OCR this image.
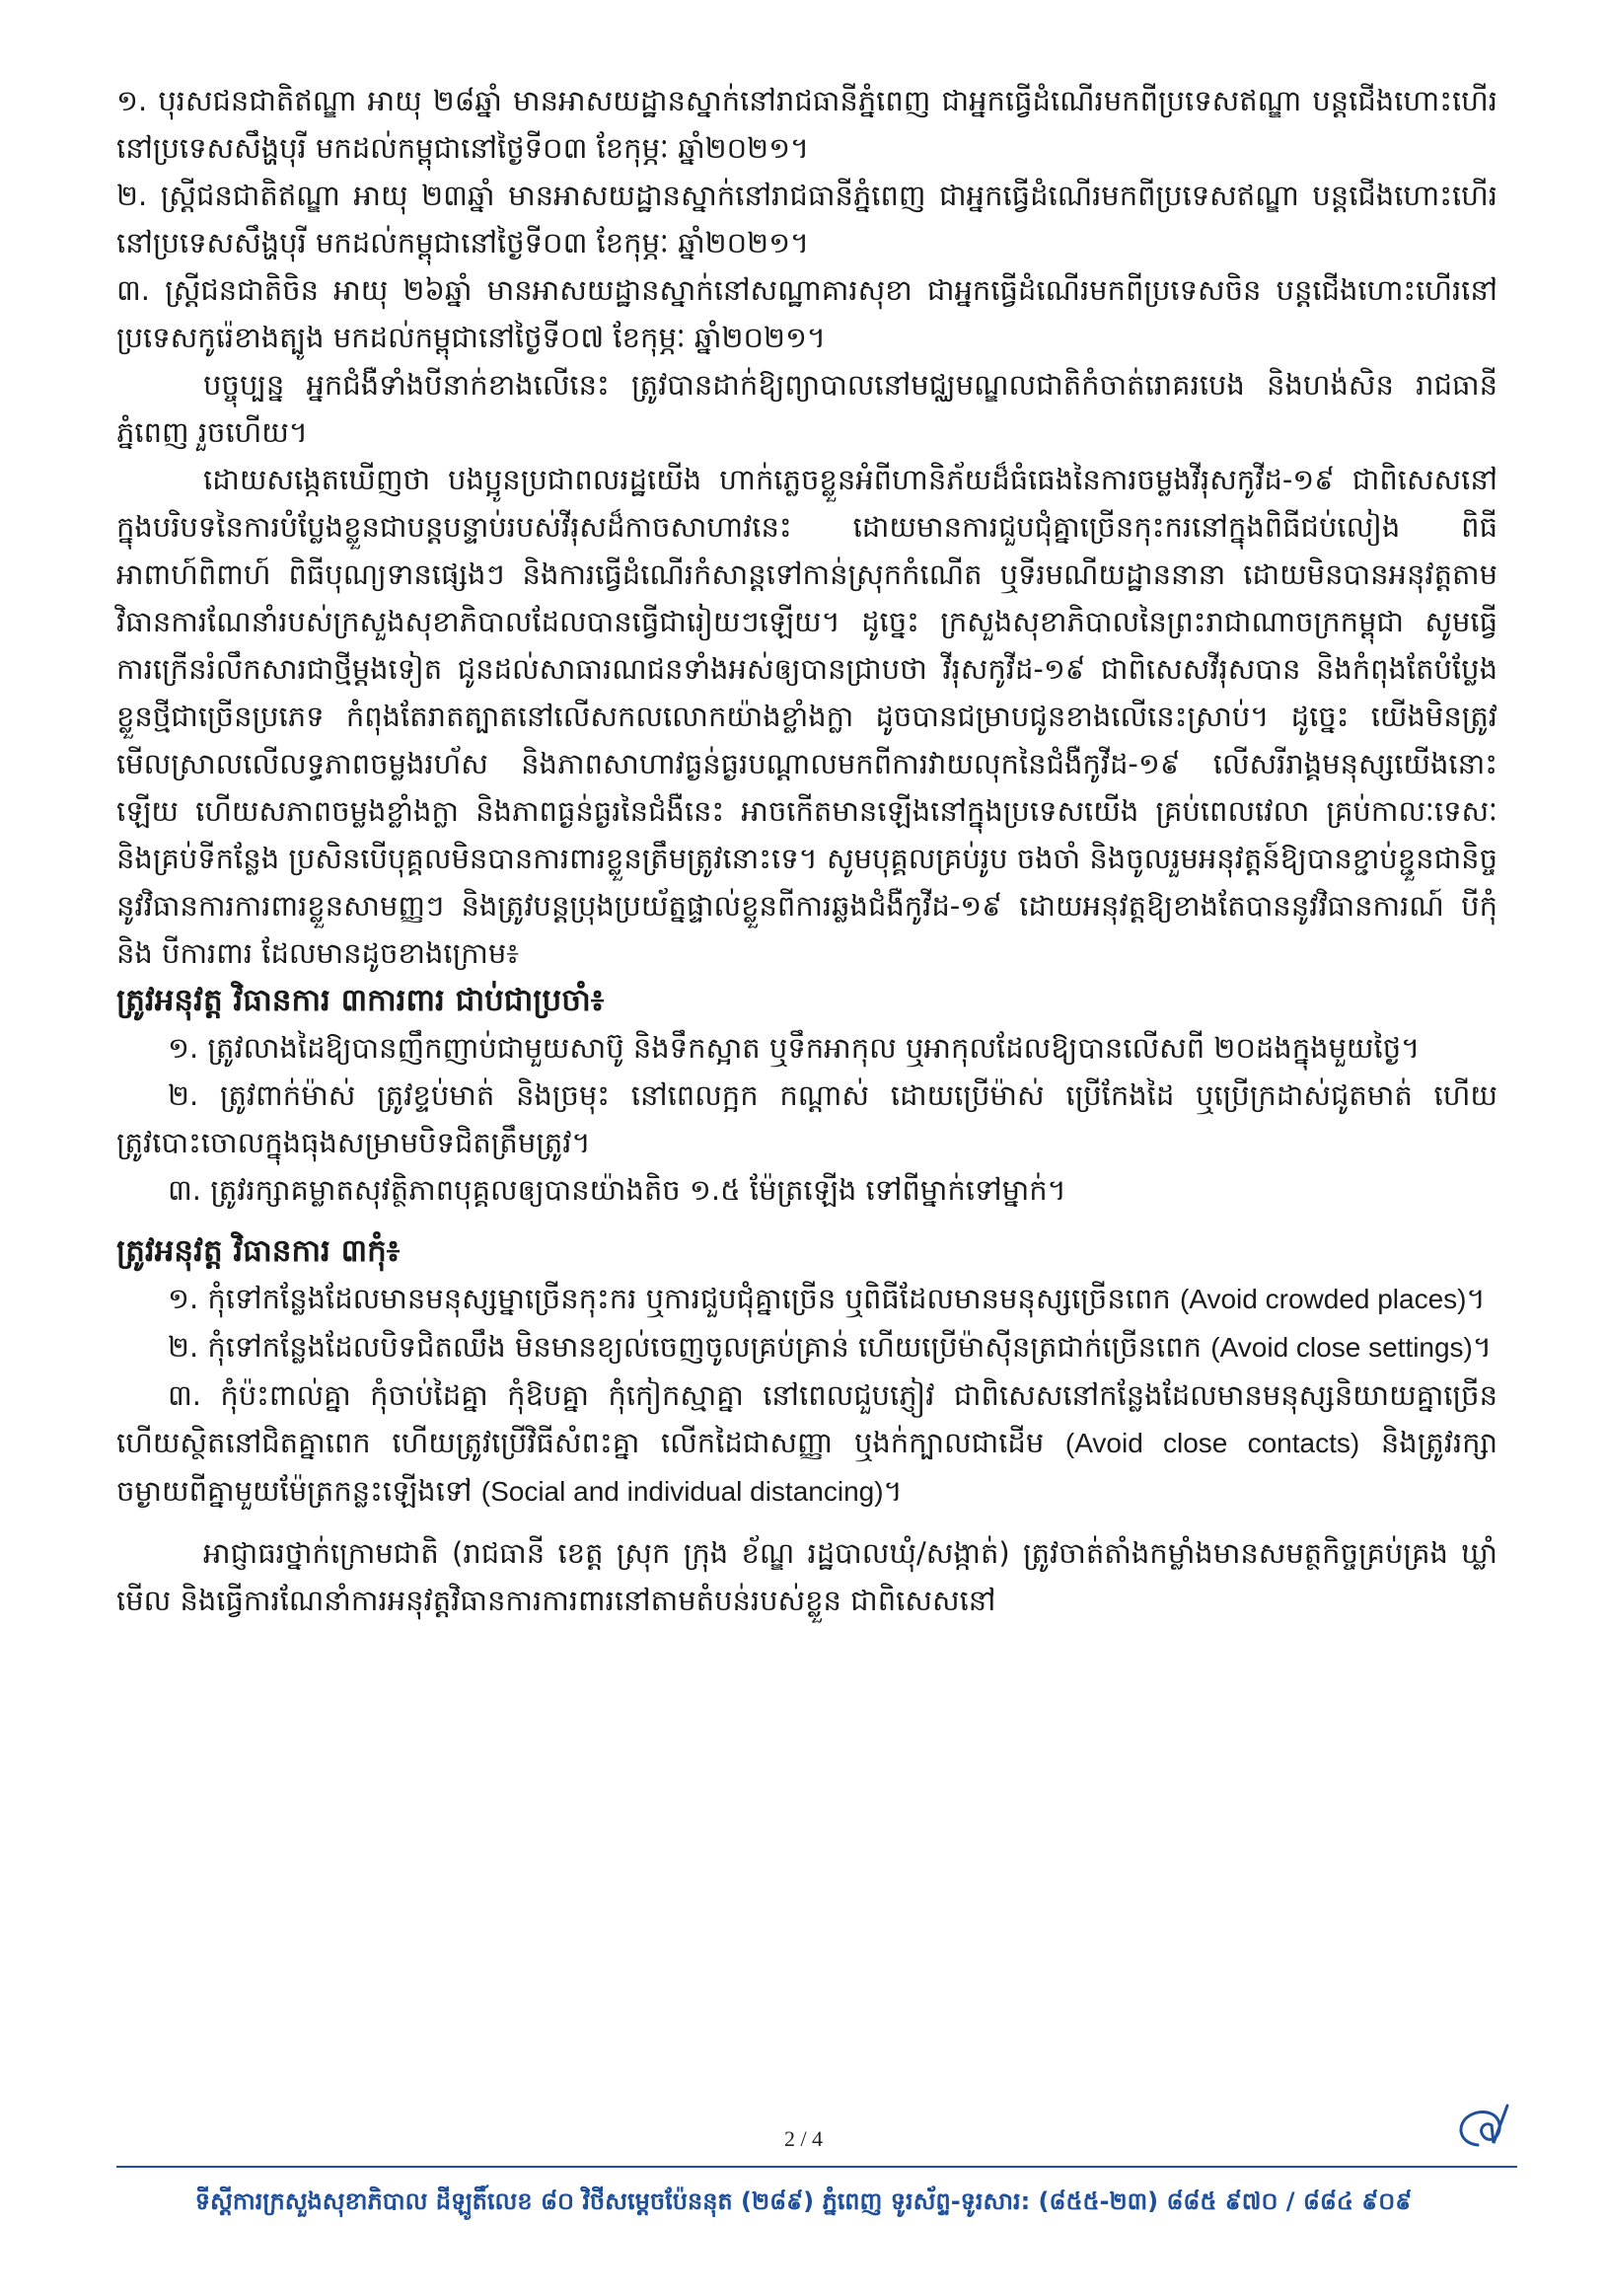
១. បុរសជនជាតិឥណ្ឌា អាយុ ២៨ឆ្នាំ មានអាសយដ្ឋានស្នាក់នៅរាជធានីភ្នំពេញ ជាអ្នកធ្វើដំណើរមកពីប្រទេសឥណ្ឌា បន្តជើងហោះហើរនៅប្រទេសសឹង្ហបុរី មកដល់កម្ពុជានៅថ្ងៃទី០៣ ខែកុម្ភៈ ឆ្នាំ២០២១។

២. ស្ត្រីជនជាតិឥណ្ឌា អាយុ ២៣ឆ្នាំ មានអាសយដ្ឋានស្នាក់នៅរាជធានីភ្នំពេញ ជាអ្នកធ្វើដំណើរមកពីប្រទេសឥណ្ឌា បន្តជើងហោះហើរនៅប្រទេសសឹង្ហបុរី មកដល់កម្ពុជានៅថ្ងៃទី០៣ ខែកុម្ភៈ ឆ្នាំ២០២១។

៣. ស្ត្រីជនជាតិចិន អាយុ ២៦ឆ្នាំ មានអាសយដ្ឋានស្នាក់នៅសណ្ឋាគារសុខា ជាអ្នកធ្វើដំណើរមកពីប្រទេសចិន បន្តជើងហោះហើរនៅប្រទេសកូរ៉េខាងត្បូង មកដល់កម្ពុជានៅថ្ងៃទី០៧ ខែកុម្ភៈ ឆ្នាំ២០២១។

បច្ចុប្បន្ន អ្នកជំងឺទាំងបីនាក់ខាងលើនេះ ត្រូវបានដាក់ឱ្យព្យាបាលនៅមជ្ឈមណ្ឌលជាតិកំចាត់រោគរបេង និងហង់សិន រាជធានីភ្នំពេញ រួចហើយ។

ដោយសង្កេតឃើញថា បងប្អូនប្រជាពលរដ្ឋយើង ហាក់ភ្លេចខ្លួនអំពីហានិភ័យដ៏ធំធេងនៃការចម្លងវីរុសកូវីដ-១៩ ជាពិសេសនៅក្នុងបរិបទនៃការបំប្លែងខ្លួនជាបន្តបន្ទាប់របស់វីរុសដ៏កាចសាហាវនេះ ដោយមានការជួបជុំគ្នាច្រើនកុះករនៅក្នុងពិធីជប់លៀង ពិធីអាពាហ៍ពិពាហ៍ ពិធីបុណ្យទានផ្សេងៗ និងការធ្វើដំណើរកំសាន្តទៅកាន់ស្រុកកំណើត ឬទីរមណីយដ្ឋាននានា ដោយមិនបានអនុវត្តតាមវិធានការណែនាំរបស់ក្រសួងសុខាភិបាលដែលបានធ្វើជារៀយៗឡើយ។ ដូច្នេះ ក្រសួងសុខាភិបាលនៃព្រះរាជាណាចក្រកម្ពុជា សូមធ្វើការក្រើនរំលឹកសារជាថ្មីម្តងទៀត ជូនដល់សាធារណជនទាំងអស់ឲ្យបានជ្រាបថា វីរុសកូវីដ-១៩ ជាពិសេសវីរុសបាន និងកំពុងតែបំប្លែងខ្លួនថ្មីជាច្រើនប្រភេទ កំពុងតែរាតត្បាតនៅលើសកលលោកយ៉ាងខ្លាំងក្លា ដូចបានជម្រាបជូនខាងលើនេះស្រាប់។ ដូច្នេះ យើងមិនត្រូវមើលស្រាលលើលទ្ធភាពចម្លងរហ័ស និងភាពសាហាវធ្ងន់ធ្ងរបណ្តាលមកពីការវាយលុកនៃជំងឺកូវីដ-១៩ លើសរីរាង្គមនុស្សយើងនោះឡើយ ហើយសភាពចម្លងខ្លាំងក្លា និងភាពធ្ងន់ធ្ងរនៃជំងឺនេះ អាចកើតមានឡើងនៅក្នុងប្រទេសយើង គ្រប់ពេលវេលា គ្រប់កាលៈទេសៈ និងគ្រប់ទីកន្លែង ប្រសិនបើបុគ្គលមិនបានការពារខ្លួនត្រឹមត្រូវនោះទេ។ សូមបុគ្គលគ្រប់រូប ចងចាំ និងចូលរួមអនុវត្តន៍ឱ្យបានខ្ជាប់ខ្ជួនជានិច្ច នូវវិធានការការពារខ្លួនសាមញ្ញៗ និងត្រូវបន្តប្រុងប្រយ័ត្នផ្ទាល់ខ្លួនពីការឆ្លងជំងឺកូវីដ-១៩ ដោយអនុវត្តឱ្យខាងតែបាននូវវិធានការណ៍ បីកុំ និង បីការពារ ដែលមានដូចខាងក្រោម៖

ត្រូវអនុវត្ត វិធានការ ៣ការពារ ជាប់ជាប្រចាំ៖

១. ត្រូវលាងដៃឱ្យបានញឹកញាប់ជាមួយសាប៊ូ និងទឹកស្អាត ឬទឹកអាកុល ឬអាកុលដែលឱ្យបានលើសពី ២០ដងក្នុងមួយថ្ងៃ។

២. ត្រូវពាក់ម៉ាស់ ត្រូវខ្ទប់មាត់ និងច្រមុះ នៅពេលក្អក កណ្តាស់ ដោយប្រើម៉ាស់ ប្រើកែងដៃ ឬប្រើក្រដាស់ជូតមាត់ ហើយត្រូវបោះចោលក្នុងធុងសម្រាមបិទជិតត្រឹមត្រូវ។

៣. ត្រូវរក្សាគម្លាតសុវត្ថិភាពបុគ្គលឲ្យបានយ៉ាងតិច ១.៥ ម៉ែត្រឡើង ទៅពីម្នាក់ទៅម្នាក់។

ត្រូវអនុវត្ត វិធានការ ៣កុំ៖

១. កុំទៅកន្លែងដែលមានមនុស្សម្នាច្រើនកុះករ ឬការជួបជុំគ្នាច្រើន ឬពិធីដែលមានមនុស្សច្រើនពេក (Avoid crowded places)។

២. កុំទៅកន្លែងដែលបិទជិតឈឹង មិនមានខ្យល់ចេញចូលគ្រប់គ្រាន់ ហើយប្រើម៉ាស៊ីនត្រជាក់ច្រើនពេក (Avoid close settings)។

៣. កុំប៉ះពាល់គ្នា កុំចាប់ដៃគ្នា កុំឱបគ្នា កុំកៀកស្មាគ្នា នៅពេលជួបភ្ញៀវ ជាពិសេសនៅកន្លែងដែលមានមនុស្សនិយាយគ្នាច្រើន ហើយស្ថិតនៅជិតគ្នាពេក ហើយត្រូវប្រើវិធីសំពះគ្នា លើកដៃជាសញ្ញា ឬងក់ក្បាលជាដើម (Avoid close contacts) និងត្រូវរក្សាចម្ងាយពីគ្នាមួយម៉ែត្រកន្លះឡើងទៅ (Social and individual distancing)។

អាជ្ញាធរថ្នាក់ក្រោមជាតិ (រាជធានី ខេត្ត ស្រុក ក្រុង ខ័ណ្ឌ រដ្ឋបាលឃុំ/សង្កាត់) ត្រូវចាត់តាំងកម្លាំងមានសមត្ថកិច្ចគ្រប់គ្រង ឃ្លាំមើល និងធ្វើការណែនាំការអនុវត្តវិធានការការពារនៅតាមតំបន់របស់ខ្លួន ជាពិសេសនៅ

2 / 4
ទីស្តីការក្រសួងសុខាភិបាល ដីឡូតិ៍លេខ ៨០ វិថីសម្តេចប៉ែននុត (២៨៩) ភ្នំពេញ ទូរស័ព្ទ-ទូរសារ: (៨៥៥-២៣) ៨៨៥ ៩៧០ / ៨៨៤ ៩០៩
